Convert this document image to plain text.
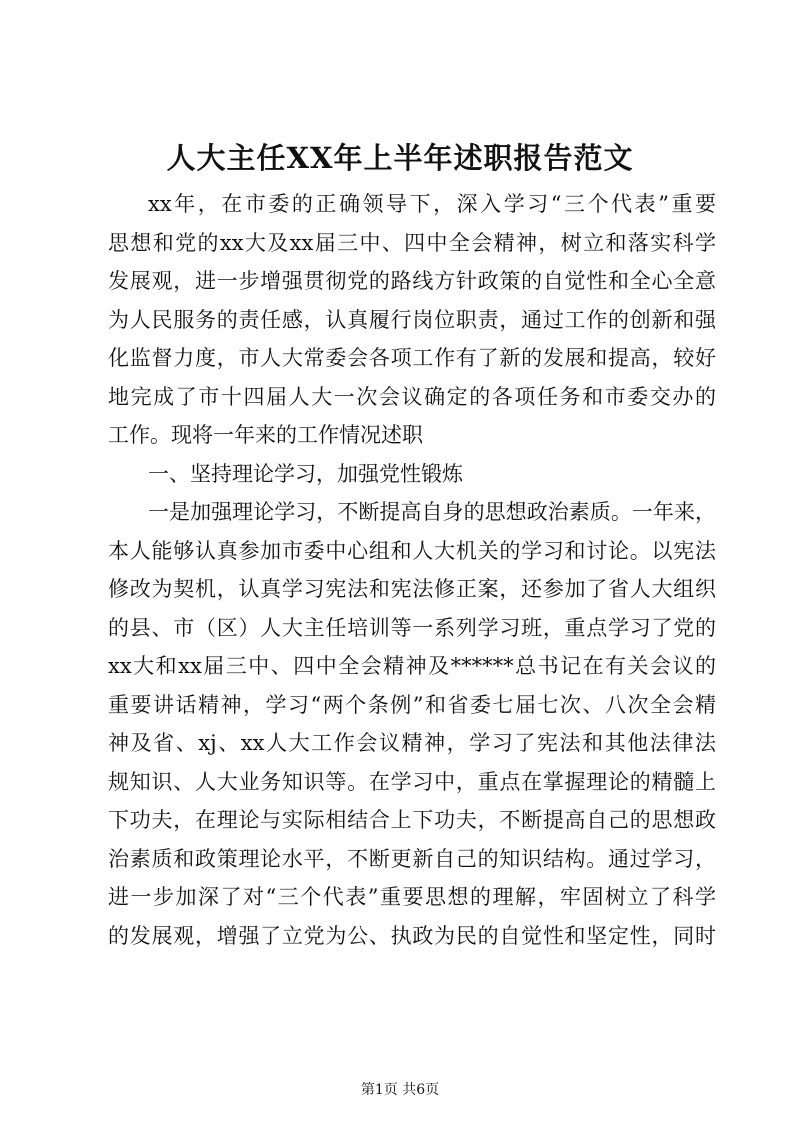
人大主任XX年上半年述职报告范文
xx年，在市委的正确领导下，深入学习“三个代表”重要
思想和党的xx大及xx届三中、四中全会精神，树立和落实科学
发展观，进一步增强贯彻党的路线方针政策的自觉性和全心全意
为人民服务的责任感，认真履行岗位职责，通过工作的创新和强
化监督力度，市人大常委会各项工作有了新的发展和提高，较好
地完成了市十四届人大一次会议确定的各项任务和市委交办的
工作。现将一年来的工作情况述职
一、坚持理论学习，加强党性锻炼
一是加强理论学习，不断提高自身的思想政治素质。一年来，
本人能够认真参加市委中心组和人大机关的学习和讨论。以宪法
修改为契机，认真学习宪法和宪法修正案，还参加了省人大组织
的县、市（区）人大主任培训等一系列学习班，重点学习了党的
xx大和xx届三中、四中全会精神及******总书记在有关会议的
重要讲话精神，学习“两个条例”和省委七届七次、八次全会精
神及省、xj、xx人大工作会议精神，学习了宪法和其他法律法
规知识、人大业务知识等。在学习中，重点在掌握理论的精髓上
下功夫，在理论与实际相结合上下功夫，不断提高自己的思想政
治素质和政策理论水平，不断更新自己的知识结构。通过学习，
进一步加深了对“三个代表”重要思想的理解，牢固树立了科学
的发展观，增强了立党为公、执政为民的自觉性和坚定性，同时
第1页 共6页
